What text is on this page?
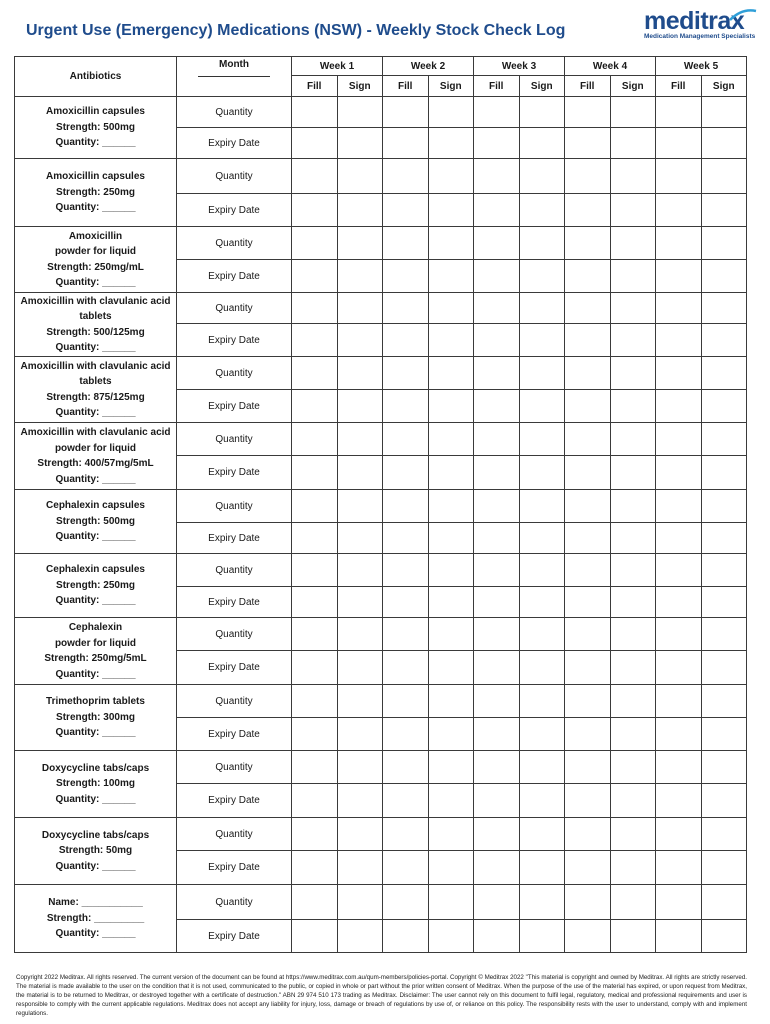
Urgent Use (Emergency) Medications (NSW) - Weekly Stock Check Log	meditrax
Medication Management Specialists
Antibiotics	Month	Week 1		Week 2		Week 3		Week 4		Week 5	
		Fill	Sign	Fill	Sign	Fill	Sign	Fill	Sign	Fill	Sign

Amoxicillin capsules
Strength: 500mg
Quantity: ______	Quantity										
	Expiry Date										

Amoxicillin capsules
Strength: 250mg
Quantity: ______	Quantity										
	Expiry Date										

Amoxicillin
powder for liquid
Strength: 250mg/mL
Quantity: ______	Quantity										
	Expiry Date										

Amoxicillin with clavulanic acid
tablets
Strength: 500/125mg
Quantity: ______	Quantity										
	Expiry Date										

Amoxicillin with clavulanic acid
tablets
Strength: 875/125mg
Quantity: ______	Quantity										
	Expiry Date										

Amoxicillin with clavulanic acid
powder for liquid
Strength: 400/57mg/5mL
Quantity: ______	Quantity										
	Expiry Date										

Cephalexin capsules
Strength: 500mg
Quantity: ______	Quantity										
	Expiry Date										

Cephalexin capsules
Strength: 250mg
Quantity: ______	Quantity										
	Expiry Date										

Cephalexin
powder for liquid
Strength: 250mg/5mL
Quantity: ______	Quantity										
	Expiry Date										

Trimethoprim tablets
Strength: 300mg
Quantity: ______	Quantity										
	Expiry Date										

Doxycycline tabs/caps
Strength: 100mg
Quantity: ______	Quantity										
	Expiry Date										

Doxycycline tabs/caps
Strength: 50mg
Quantity: ______	Quantity										
	Expiry Date										

Name: ___________
Strength: _________
Quantity: ______	Quantity										
	Expiry Date										
Copyright 2022 Meditrax. All rights reserved. The current version of the document can be found at https://www.meditrax.com.au/qum-members/policies-portal. Copyright © Meditrax 2022 "This material is copyright and owned by Meditrax. All rights are strictly reserved. The material is made available to the user on the condition that it is not used, communicated to the public, or copied in whole or part without the prior written consent of Meditrax. When the purpose of the use of the material has expired, or upon request from Meditrax, the material is to be returned to Meditrax, or destroyed together with a certificate of destruction." ABN 29 974 510 173 trading as Meditrax. Disclaimer: The user cannot rely on this document to fulfil legal, regulatory, medical and professional requirements and user is responsible to comply with the current applicable regulations. Meditrax does not accept any liability for injury, loss, damage or breach of regulations by use of, or reliance on this policy. The responsibility rests with the user to understand, comply with and implement regulations.
